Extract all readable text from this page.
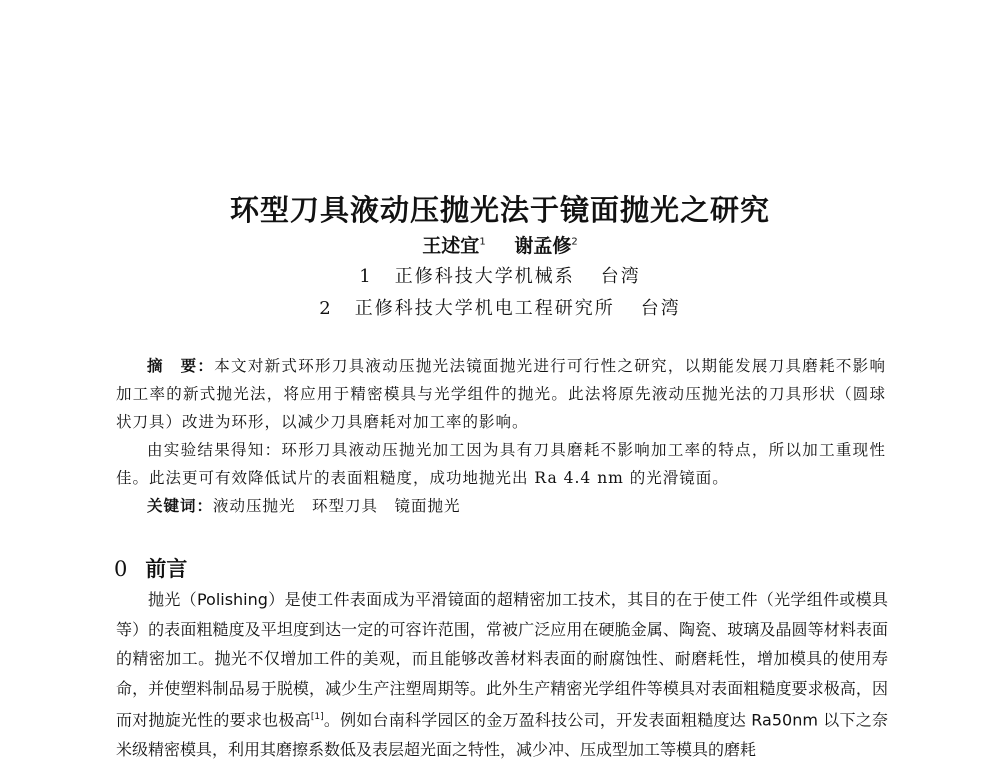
环型刀具液动压抛光法于镜面抛光之研究
王述宜$^1$ 谢孟修$^2$
1 正修科技大学机械系 台湾
2 正修科技大学机电工程研究所 台湾

摘　要：本文对新式环形刀具液动压抛光法镜面抛光进行可行性之研究，以期能发展刀具磨耗不影响加工率的新式抛光法，将应用于精密模具与光学组件的抛光。此法将原先液动压抛光法的刀具形状（圆球状刀具）改进为环形，以减少刀具磨耗对加工率的影响。

由实验结果得知：环形刀具液动压抛光加工因为具有刀具磨耗不影响加工率的特点，所以加工重现性佳。此法更可有效降低试片的表面粗糙度，成功地抛光出 Ra 4.4 nm 的光滑镜面。

关键词：液动压抛光　环型刀具　镜面抛光

0 前言

抛光（Polishing）是使工件表面成为平滑镜面的超精密加工技术，其目的在于使工件（光学组件或模具等）的表面粗糙度及平坦度到达一定的可容许范围，常被广泛应用在硬脆金属、陶瓷、玻璃及晶圆等材料表面的精密加工。抛光不仅增加工件的美观，而且能够改善材料表面的耐腐蚀性、耐磨耗性，增加模具的使用寿命，并使塑料制品易于脱模，减少生产注塑周期等。此外生产精密光学组件等模具对表面粗糙度要求极高，因而对抛旋光性的要求也极高[1]。例如台南科学园区的金万盈科技公司，开发表面粗糙度达 Ra50nm 以下之奈米级精密模具，利用其磨擦系数低及表层超光面之特性，减少冲、压成型加工等模具的磨耗
